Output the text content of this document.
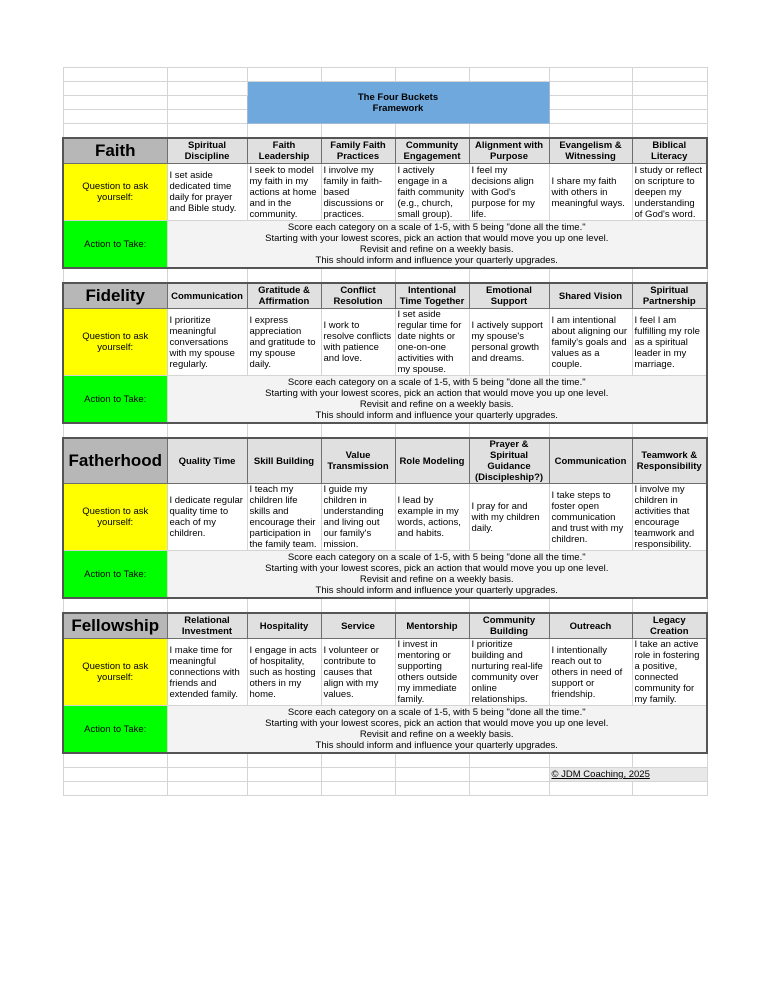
		The Four Buckets
Framework					

Faith	Spiritual Discipline	Faith Leadership	Family Faith Practices	Community Engagement	Alignment with Purpose	Evangelism & Witnessing	Biblical Literacy
Question to ask yourself:	I set aside dedicated time daily for prayer and Bible study.	I seek to model my faith in my actions at home and in the community.	I involve my family in faith-based discussions or practices.	I actively engage in a faith community (e.g., church, small group).	I feel my decisions align with God's purpose for my life.	I share my faith with others in meaningful ways.	I study or reflect on scripture to deepen my understanding of God's word.
Action to Take:	Score each category on a scale of 1-5, with 5 being "done all the time."
Starting with your lowest scores, pick an action that would move you up one level.
Revisit and refine on a weekly basis.
This should inform and influence your quarterly upgrades.						

Fidelity	Communication	Gratitude & Affirmation	Conflict Resolution	Intentional Time Together	Emotional Support	Shared Vision	Spiritual Partnership
Question to ask yourself:	I prioritize meaningful conversations with my spouse regularly.	I express appreciation and gratitude to my spouse daily.	I work to resolve conflicts with patience and love.	I set aside regular time for date nights or one-on-one activities with my spouse.	I actively support my spouse's personal growth and dreams.	I am intentional about aligning our family's goals and values as a couple.	I feel I am fulfilling my role as a spiritual leader in my marriage.
Action to Take:	Score each category on a scale of 1-5, with 5 being "done all the time."
Starting with your lowest scores, pick an action that would move you up one level.
Revisit and refine on a weekly basis.
This should inform and influence your quarterly upgrades.						

Fatherhood	Quality Time	Skill Building	Value Transmission	Role Modeling	Prayer & Spiritual Guidance (Discipleship?)	Communication	Teamwork & Responsibility
Question to ask yourself:	I dedicate regular quality time to each of my children.	I teach my children life skills and encourage their participation in the family team.	I guide my children in understanding and living out our family's mission.	I lead by example in my words, actions, and habits.	I pray for and with my children daily.	I take steps to foster open communication and trust with my children.	I involve my children in activities that encourage teamwork and responsibility.
Action to Take:	Score each category on a scale of 1-5, with 5 being "done all the time."
Starting with your lowest scores, pick an action that would move you up one level.
Revisit and refine on a weekly basis.
This should inform and influence your quarterly upgrades.						

Fellowship	Relational Investment	Hospitality	Service	Mentorship	Community Building	Outreach	Legacy Creation
Question to ask yourself:	I make time for meaningful connections with friends and extended family.	I engage in acts of hospitality, such as hosting others in my home.	I volunteer or contribute to causes that align with my values.	I invest in mentoring or supporting others outside my immediate family.	I prioritize building and nurturing real-life community over online relationships.	I intentionally reach out to others in need of support or friendship.	I take an active role in fostering a positive, connected community for my family.
Action to Take:	Score each category on a scale of 1-5, with 5 being "done all the time."
Starting with your lowest scores, pick an action that would move you up one level.
Revisit and refine on a weekly basis.
This should inform and influence your quarterly upgrades.						

						© JDM Coaching, 2025	
